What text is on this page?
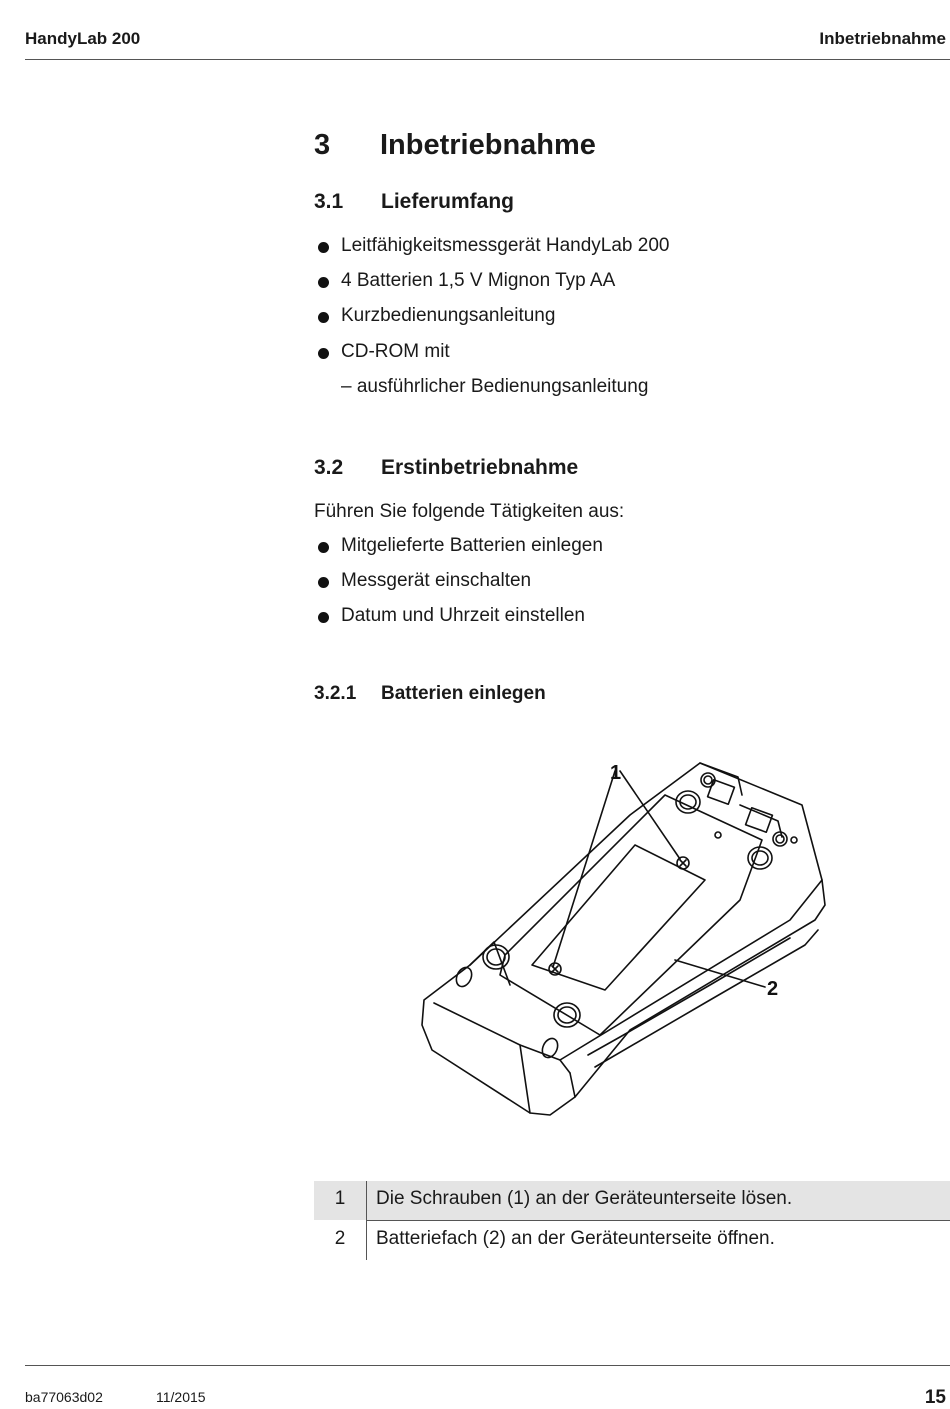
HandyLab 200	Inbetriebnahme
3 Inbetriebnahme
3.1 Lieferumfang
Leitfähigkeitsmessgerät HandyLab 200
4 Batterien 1,5 V Mignon Typ AA
Kurzbedienungsanleitung
CD-ROM mit
– ausführlicher Bedienungsanleitung
3.2 Erstinbetriebnahme
Führen Sie folgende Tätigkeiten aus:
Mitgelieferte Batterien einlegen
Messgerät einschalten
Datum und Uhrzeit einstellen
3.2.1 Batterien einlegen
1
2
1	Die Schrauben (1) an der Geräteunterseite lösen.
2	Batteriefach (2) an der Geräteunterseite öffnen.
ba77063d02	11/2015	15
